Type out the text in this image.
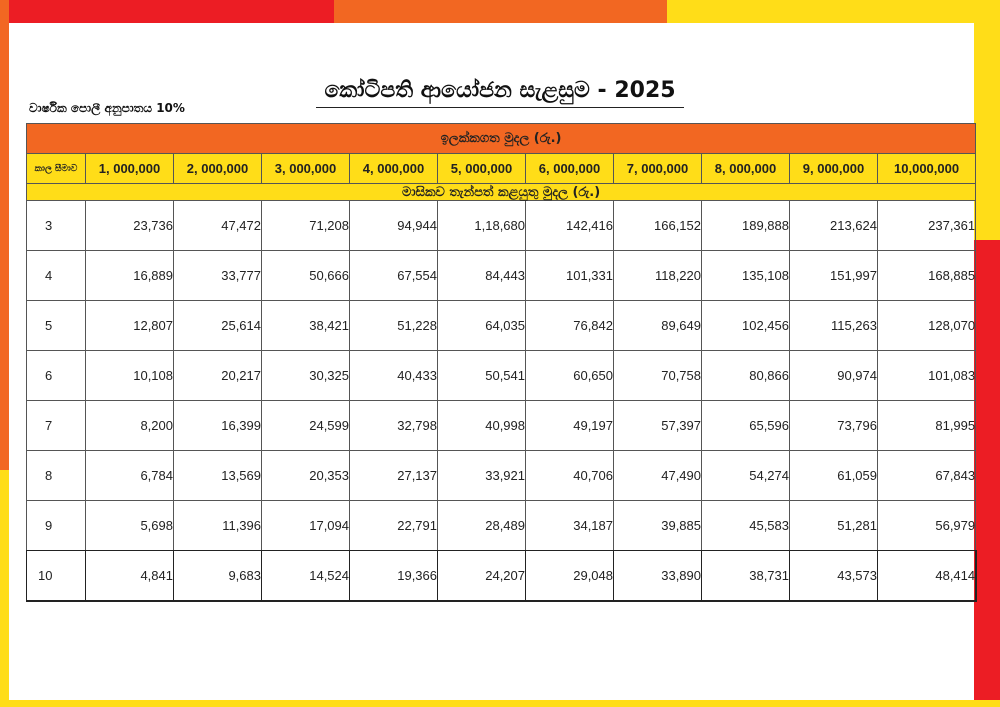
කෝටිපති ආයෝජන සැළසුම - 2025
වාර්ෂික පොලී අනුපාතය 10%
ඉලක්කගත මුදල (රු.)										
කාල සීමාව	1, 000,000	2, 000,000	3, 000,000	4, 000,000	5, 000,000	6, 000,000	7, 000,000	8, 000,000	9, 000,000	10,000,000
මාසිකව තැන්පත් කළයුතු මුදල (රු.)										
3	23,736	47,472	71,208	94,944	1,18,680	142,416	166,152	189,888	213,624	237,361
4	16,889	33,777	50,666	67,554	84,443	101,331	118,220	135,108	151,997	168,885
5	12,807	25,614	38,421	51,228	64,035	76,842	89,649	102,456	115,263	128,070
6	10,108	20,217	30,325	40,433	50,541	60,650	70,758	80,866	90,974	101,083
7	8,200	16,399	24,599	32,798	40,998	49,197	57,397	65,596	73,796	81,995
8	6,784	13,569	20,353	27,137	33,921	40,706	47,490	54,274	61,059	67,843
9	5,698	11,396	17,094	22,791	28,489	34,187	39,885	45,583	51,281	56,979
10	4,841	9,683	14,524	19,366	24,207	29,048	33,890	38,731	43,573	48,414
